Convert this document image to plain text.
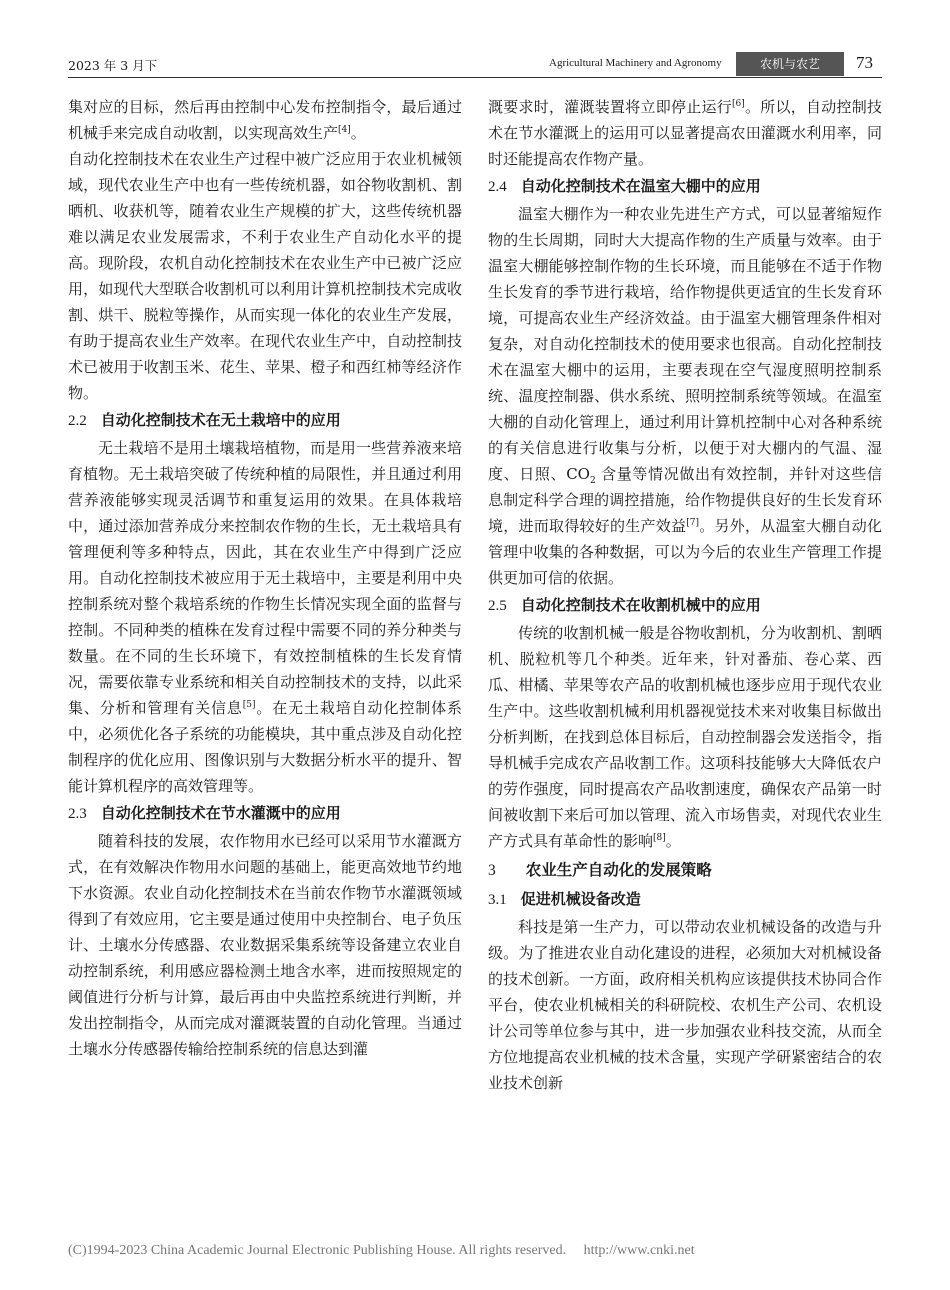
2023 年 3 月下	Agricultural Machinery and Agronomy	农机与农艺	73

集对应的目标，然后再由控制中心发布控制指令，最后通过机械手来完成自动收割，以实现高效生产[4]。

自动化控制技术在农业生产过程中被广泛应用于农业机械领域，现代农业生产中也有一些传统机器，如谷物收割机、割晒机、收获机等，随着农业生产规模的扩大，这些传统机器难以满足农业发展需求，不利于农业生产自动化水平的提高。现阶段，农机自动化控制技术在农业生产中已被广泛应用，如现代大型联合收割机可以利用计算机控制技术完成收割、烘干、脱粒等操作，从而实现一体化的农业生产发展，有助于提高农业生产效率。在现代农业生产中，自动控制技术已被用于收割玉米、花生、苹果、橙子和西红柿等经济作物。

2.2 自动化控制技术在无土栽培中的应用

无土栽培不是用土壤栽培植物，而是用一些营养液来培育植物。无土栽培突破了传统种植的局限性，并且通过利用营养液能够实现灵活调节和重复运用的效果。在具体栽培中，通过添加营养成分来控制农作物的生长，无土栽培具有管理便利等多种特点，因此，其在农业生产中得到广泛应用。自动化控制技术被应用于无土栽培中，主要是利用中央控制系统对整个栽培系统的作物生长情况实现全面的监督与控制。不同种类的植株在发育过程中需要不同的养分种类与数量。在不同的生长环境下，有效控制植株的生长发育情况，需要依靠专业系统和相关自动控制技术的支持，以此采集、分析和管理有关信息[5]。在无土栽培自动化控制体系中，必须优化各子系统的功能模块，其中重点涉及自动化控制程序的优化应用、图像识别与大数据分析水平的提升、智能计算机程序的高效管理等。

2.3 自动化控制技术在节水灌溉中的应用

随着科技的发展，农作物用水已经可以采用节水灌溉方式，在有效解决作物用水问题的基础上，能更高效地节约地下水资源。农业自动化控制技术在当前农作物节水灌溉领域得到了有效应用，它主要是通过使用中央控制台、电子负压计、土壤水分传感器、农业数据采集系统等设备建立农业自动控制系统，利用感应器检测土地含水率，进而按照规定的阈值进行分析与计算，最后再由中央监控系统进行判断，并发出控制指令，从而完成对灌溉装置的自动化管理。当通过土壤水分传感器传输给控制系统的信息达到灌

溉要求时，灌溉装置将立即停止运行[6]。所以，自动控制技术在节水灌溉上的运用可以显著提高农田灌溉水利用率，同时还能提高农作物产量。

2.4 自动化控制技术在温室大棚中的应用

温室大棚作为一种农业先进生产方式，可以显著缩短作物的生长周期，同时大大提高作物的生产质量与效率。由于温室大棚能够控制作物的生长环境，而且能够在不适于作物生长发育的季节进行栽培，给作物提供更适宜的生长发育环境，可提高农业生产经济效益。由于温室大棚管理条件相对复杂，对自动化控制技术的使用要求也很高。自动化控制技术在温室大棚中的运用，主要表现在空气湿度照明控制系统、温度控制器、供水系统、照明控制系统等领域。在温室大棚的自动化管理上，通过利用计算机控制中心对各种系统的有关信息进行收集与分析，以便于对大棚内的气温、湿度、日照、$CO_2$ 含量等情况做出有效控制，并针对这些信息制定科学合理的调控措施，给作物提供良好的生长发育环境，进而取得较好的生产效益[7]。另外，从温室大棚自动化管理中收集的各种数据，可以为今后的农业生产管理工作提供更加可信的依据。

2.5 自动化控制技术在收割机械中的应用

传统的收割机械一般是谷物收割机，分为收割机、割晒机、脱粒机等几个种类。近年来，针对番茄、卷心菜、西瓜、柑橘、苹果等农产品的收割机械也逐步应用于现代农业生产中。这些收割机械利用机器视觉技术来对收集目标做出分析判断，在找到总体目标后，自动控制器会发送指令，指导机械手完成农产品收割工作。这项科技能够大大降低农户的劳作强度，同时提高农产品收割速度，确保农产品第一时间被收割下来后可加以管理、流入市场售卖，对现代农业生产方式具有革命性的影响[8]。

3 农业生产自动化的发展策略
3.1 促进机械设备改造

科技是第一生产力，可以带动农业机械设备的改造与升级。为了推进农业自动化建设的进程，必须加大对机械设备的技术创新。一方面，政府相关机构应该提供技术协同合作平台，使农业机械相关的科研院校、农机生产公司、农机设计公司等单位参与其中，进一步加强农业科技交流，从而全方位地提高农业机械的技术含量，实现产学研紧密结合的农业技术创新

(C)1994-2023 China Academic Journal Electronic Publishing House. All rights reserved. http://www.cnki.net
